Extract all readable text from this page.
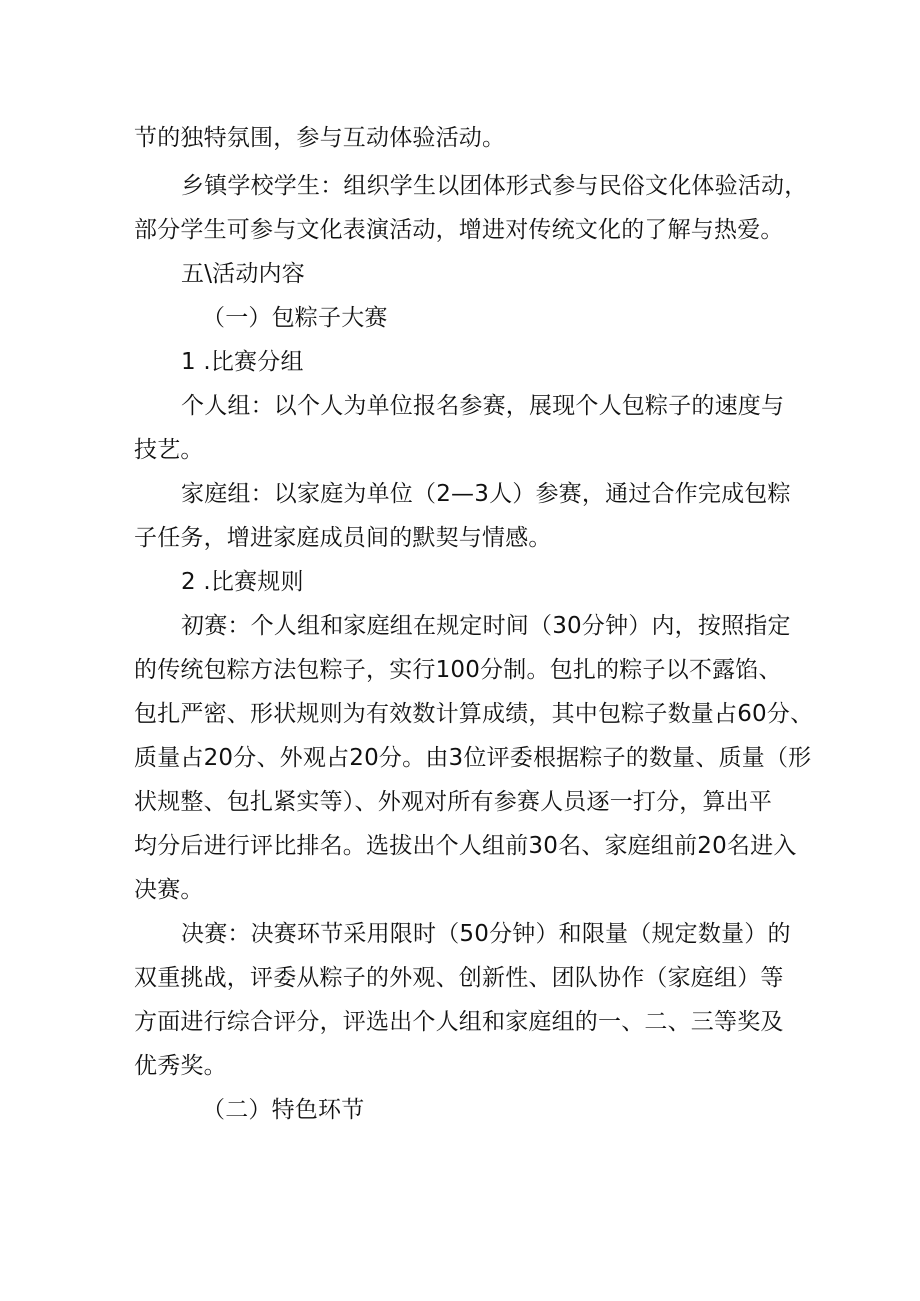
节的独特氛围，参与互动体验活动。
乡镇学校学生：组织学生以团体形式参与民俗文化体验活动，
部分学生可参与文化表演活动，增进对传统文化的了解与热爱。
五\活动内容
（一）包粽子大赛
1 .比赛分组
个人组：以个人为单位报名参赛，展现个人包粽子的速度与
技艺。
家庭组：以家庭为单位（2—3人）参赛，通过合作完成包粽
子任务，增进家庭成员间的默契与情感。
2 .比赛规则
初赛：个人组和家庭组在规定时间（30分钟）内，按照指定
的传统包粽方法包粽子，实行100分制。包扎的粽子以不露馅、
包扎严密、形状规则为有效数计算成绩，其中包粽子数量占60分、
质量占20分、外观占20分。由3位评委根据粽子的数量、质量（形
状规整、包扎紧实等）、外观对所有参赛人员逐一打分，算出平
均分后进行评比排名。选拔出个人组前30名、家庭组前20名进入
决赛。
决赛：决赛环节采用限时（50分钟）和限量（规定数量）的
双重挑战，评委从粽子的外观、创新性、团队协作（家庭组）等
方面进行综合评分，评选出个人组和家庭组的一、二、三等奖及
优秀奖。
（二）特色环节
